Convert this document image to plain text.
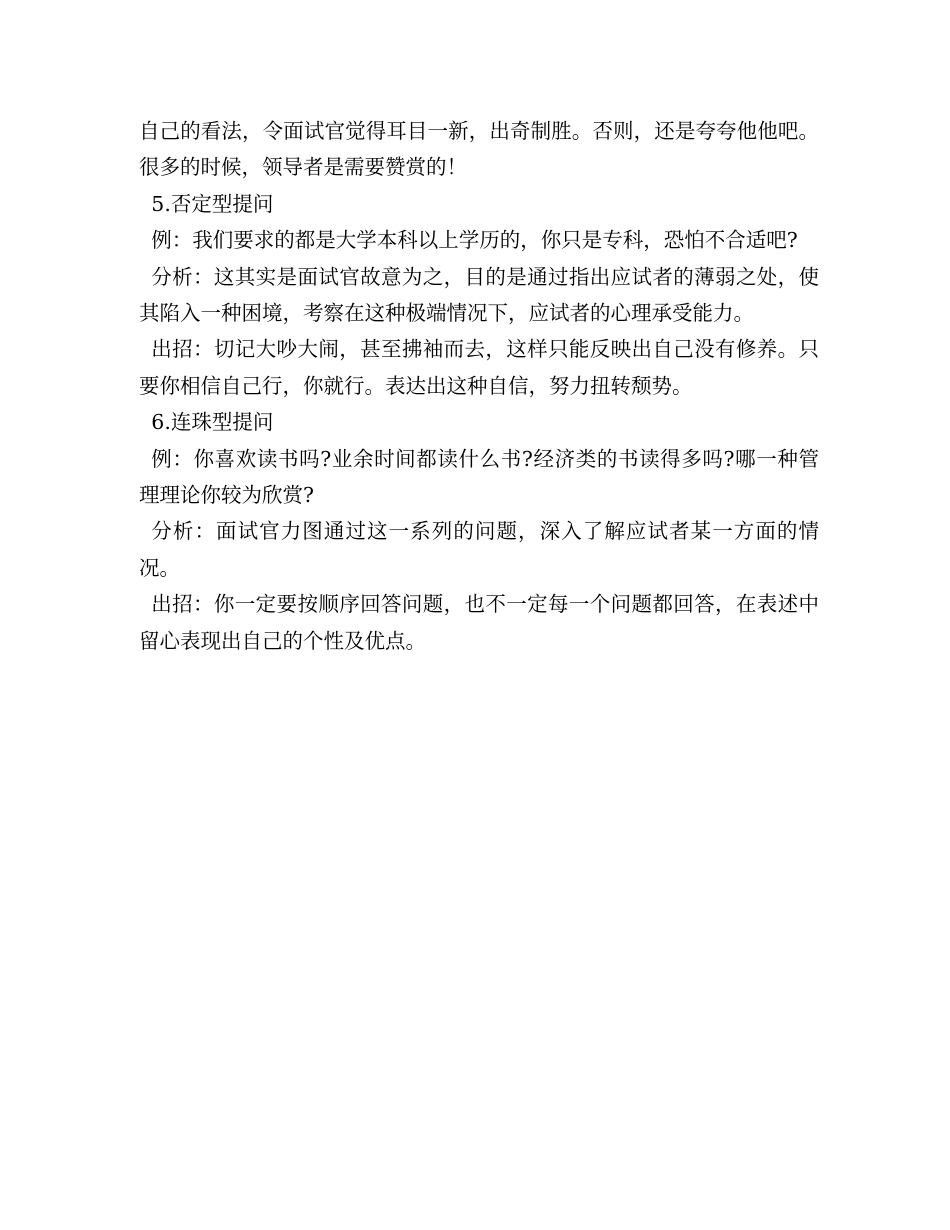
自己的看法，令面试官觉得耳目一新，出奇制胜。否则，还是夸夸他他吧。很多的时候，领导者是需要赞赏的！

5.否定型提问

例：我们要求的都是大学本科以上学历的，你只是专科，恐怕不合适吧?

分析：这其实是面试官故意为之，目的是通过指出应试者的薄弱之处，使其陷入一种困境，考察在这种极端情况下，应试者的心理承受能力。

出招：切记大吵大闹，甚至拂袖而去，这样只能反映出自己没有修养。只要你相信自己行，你就行。表达出这种自信，努力扭转颓势。

6.连珠型提问

例：你喜欢读书吗?业余时间都读什么书?经济类的书读得多吗?哪一种管理理论你较为欣赏?

分析：面试官力图通过这一系列的问题，深入了解应试者某一方面的情况。

出招：你一定要按顺序回答问题，也不一定每一个问题都回答，在表述中留心表现出自己的个性及优点。
